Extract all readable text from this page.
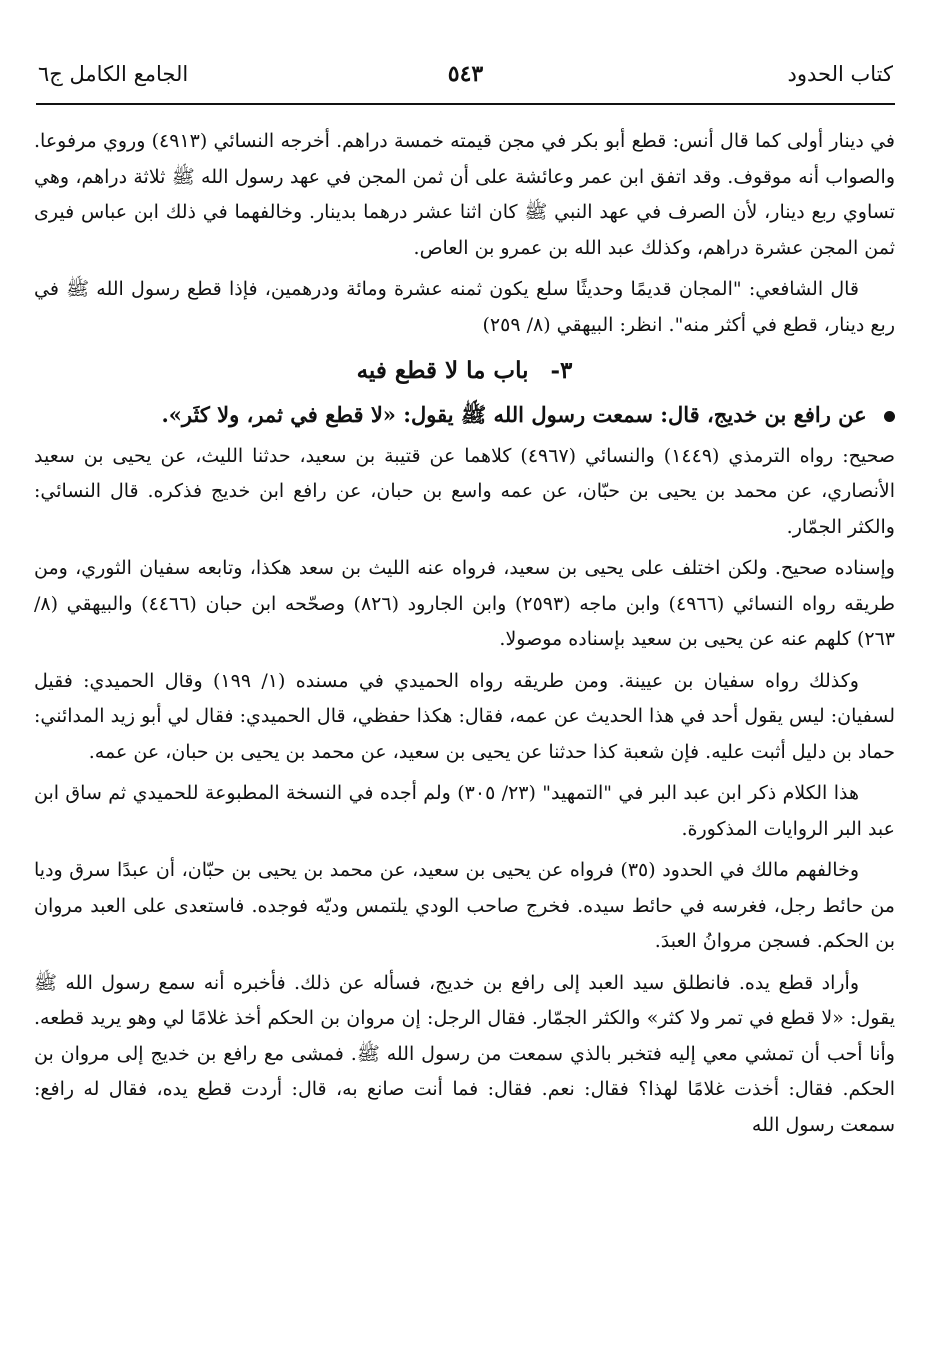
كتاب الحدود
٥٤٣
الجامع الكامل ج٦

في دينار أولى كما قال أنس: قطع أبو بكر في مجن قيمته خمسة دراهم. أخرجه النسائي (٤٩١٣) وروي مرفوعا. والصواب أنه موقوف. وقد اتفق ابن عمر وعائشة على أن ثمن المجن في عهد رسول الله ﷺ ثلاثة دراهم، وهي تساوي ربع دينار، لأن الصرف في عهد النبي ﷺ كان اثنا عشر درهما بدينار. وخالفهما في ذلك ابن عباس فيرى ثمن المجن عشرة دراهم، وكذلك عبد الله بن عمرو بن العاص.

قال الشافعي: "المجان قديمًا وحديثًا سلع يكون ثمنه عشرة ومائة ودرهمين، فإذا قطع رسول الله ﷺ في ربع دينار، قطع في أكثر منه". انظر: البيهقي (٨/ ٢٥٩)

٣- باب ما لا قطع فيه

عن رافع بن خديج، قال: سمعت رسول الله ﷺ يقول: «لا قطع في ثمر، ولا كثَر».

صحيح: رواه الترمذي (١٤٤٩) والنسائي (٤٩٦٧) كلاهما عن قتيبة بن سعيد، حدثنا الليث، عن يحيى بن سعيد الأنصاري، عن محمد بن يحيى بن حبّان، عن عمه واسع بن حبان، عن رافع ابن خديج فذكره. قال النسائي: والكثر الجمّار.

وإسناده صحيح. ولكن اختلف على يحيى بن سعيد، فرواه عنه الليث بن سعد هكذا، وتابعه سفيان الثوري، ومن طريقه رواه النسائي (٤٩٦٦) وابن ماجه (٢٥٩٣) وابن الجارود (٨٢٦) وصحّحه ابن حبان (٤٤٦٦) والبيهقي (٨/ ٢٦٣) كلهم عنه عن يحيى بن سعيد بإسناده موصولا.

وكذلك رواه سفيان بن عيينة. ومن طريقه رواه الحميدي في مسنده (١/ ١٩٩) وقال الحميدي: فقيل لسفيان: ليس يقول أحد في هذا الحديث عن عمه، فقال: هكذا حفظي، قال الحميدي: فقال لي أبو زيد المدائني: حماد بن دليل أثبت عليه. فإن شعبة كذا حدثنا عن يحيى بن سعيد، عن محمد بن يحيى بن حبان، عن عمه.

هذا الكلام ذكر ابن عبد البر في "التمهيد" (٢٣/ ٣٠٥) ولم أجده في النسخة المطبوعة للحميدي ثم ساق ابن عبد البر الروايات المذكورة.

وخالفهم مالك في الحدود (٣٥) فرواه عن يحيى بن سعيد، عن محمد بن يحيى بن حبّان، أن عبدًا سرق وديا من حائط رجل، فغرسه في حائط سيده. فخرج صاحب الودي يلتمس وديّه فوجده. فاستعدى على العبد مروان بن الحكم. فسجن مروانُ العبدَ.

وأراد قطع يده. فانطلق سيد العبد إلى رافع بن خديج، فسأله عن ذلك. فأخبره أنه سمع رسول الله ﷺ يقول: «لا قطع في تمر ولا كثر» والكثر الجمّار. فقال الرجل: إن مروان بن الحكم أخذ غلامًا لي وهو يريد قطعه. وأنا أحب أن تمشي معي إليه فتخبر بالذي سمعت من رسول الله ﷺ. فمشى مع رافع بن خديج إلى مروان بن الحكم. فقال: أخذت غلامًا لهذا؟ فقال: نعم. فقال: فما أنت صانع به، قال: أردت قطع يده، فقال له رافع: سمعت رسول الله
